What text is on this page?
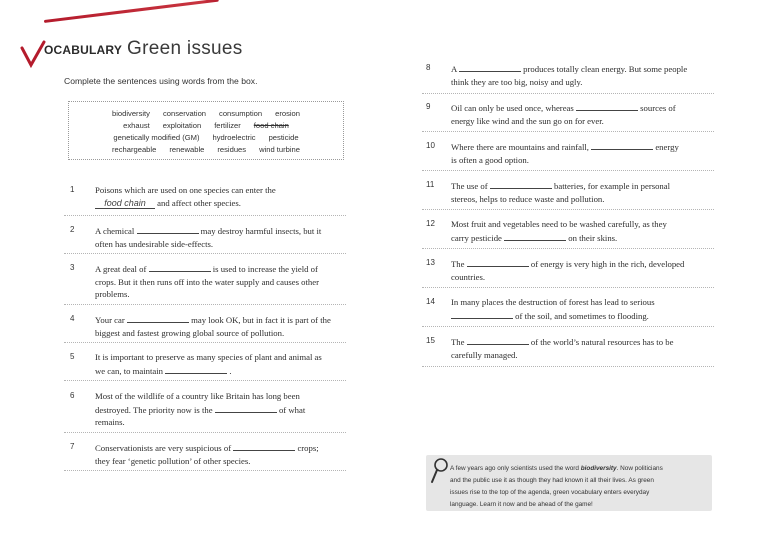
OCABULARY Green issues
Complete the sentences using words from the box.
biodiversity conservation consumption erosion
exhaust exploitation fertilizer food chain
genetically modified (GM) hydroelectric pesticide
rechargeable renewable residues wind turbine
1 Poisons which are used on one species can enter the
food chain and affect other species.
2 A chemical	may destroy harmful insects, but it
often has undesirable side-effects.
3 A great deal of	is used to increase the yield of
crops. But it then runs off into the water supply and causes other
problems.
4 Your car	may look OK, but in fact it is part of the
biggest and fastest growing global source of pollution.
5 It is important to preserve as many species of plant and animal as
we can, to maintain	.
6 Most of the wildlife of a country like Britain has long been
destroyed. The priority now is the	of what
remains.
7 Conservationists are very suspicious of	crops;
they fear ‘genetic pollution’ of other species.
8 A	produces totally clean energy. But some people
think they are too big, noisy and ugly.
9 Oil can only be used once, whereas	sources of
energy like wind and the sun go on for ever.
10 Where there are mountains and rainfall,	energy
is often a good option.
11 The use of	batteries, for example in personal
stereos, helps to reduce waste and pollution.
12 Most fruit and vegetables need to be washed carefully, as they
carry pesticide	on their skins.
13 The	of energy is very high in the rich, developed
countries.
14 In many places the destruction of forest has lead to serious
of the soil, and sometimes to flooding.
15 The	of the world’s natural resources has to be
carefully managed.
A few years ago only scientists used the word biodiversity. Now politicians
and the public use it as though they had known it all their lives. As green
issues rise to the top of the agenda, green vocabulary enters everyday
language. Learn it now and be ahead of the game!
